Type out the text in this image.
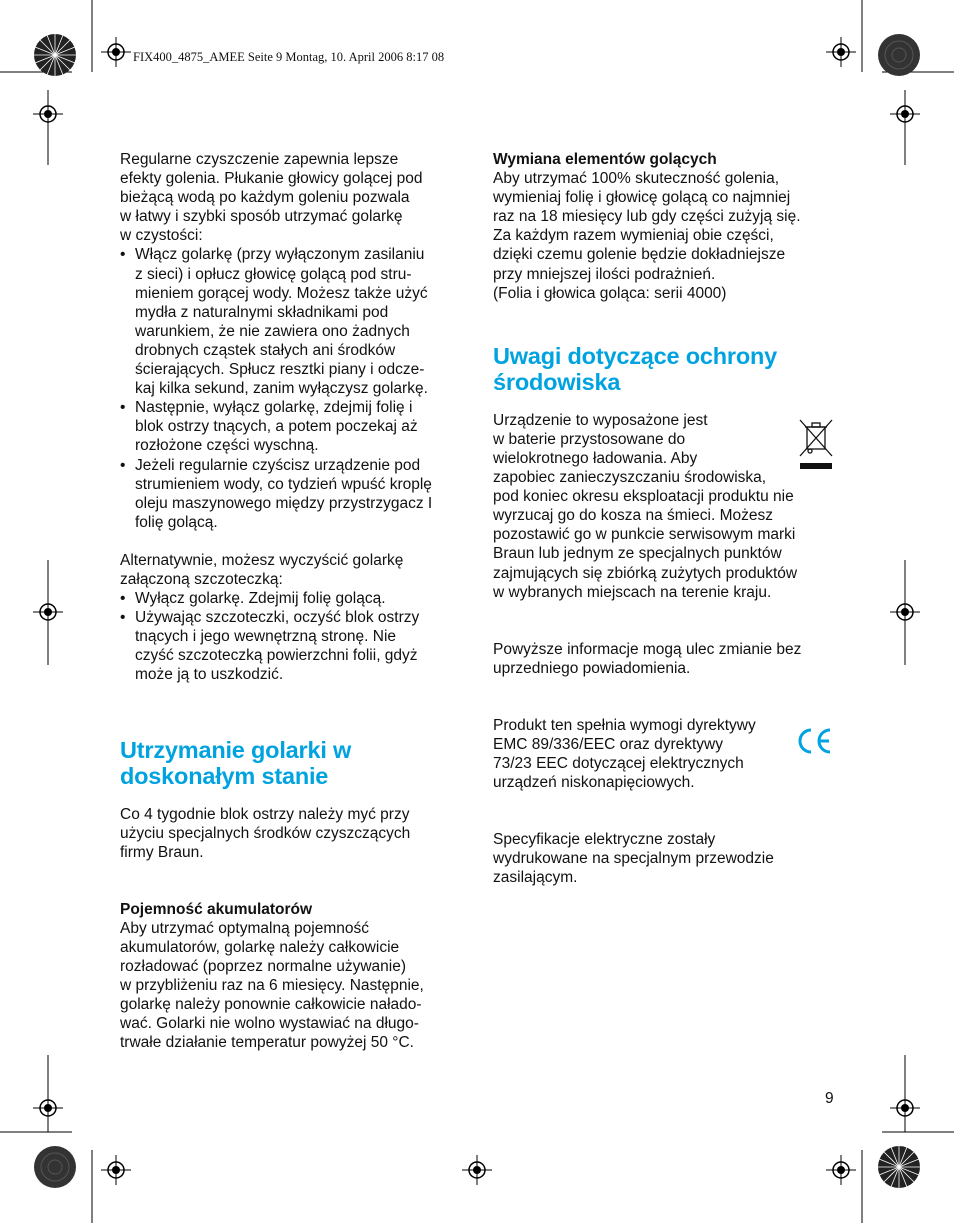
FIX400_4875_AMEE Seite 9 Montag, 10. April 2006 8:17 08

Regularne czyszczenie zapewnia lepsze
efekty golenia. Płukanie głowicy golącej pod
bieżącą wodą po każdym goleniu pozwala
w łatwy i szybki sposób utrzymać golarkę
w czystości:

• Włącz golarkę (przy wyłączonym zasilaniu
z sieci) i opłucz głowicę golącą pod stru-
mieniem gorącej wody. Możesz także użyć
mydła z naturalnymi składnikami pod
warunkiem, że nie zawiera ono żadnych
drobnych cząstek stałych ani środków
ścierających. Spłucz resztki piany i odcze-
kaj kilka sekund, zanim wyłączysz golarkę.
• Następnie, wyłącz golarkę, zdejmij folię i
blok ostrzy tnących, a potem poczekaj aż
rozłożone części wyschną.
• Jeżeli regularnie czyścisz urządzenie pod
strumieniem wody, co tydzień wpuść kroplę
oleju maszynowego między przystrzygacz I
folię golącą.

Alternatywnie, możesz wyczyścić golarkę
załączoną szczoteczką:

• Wyłącz golarkę. Zdejmij folię golącą.
• Używając szczoteczki, oczyść blok ostrzy
tnących i jego wewnętrzną stronę. Nie
czyść szczoteczką powierzchni folii, gdyż
może ją to uszkodzić.
Utrzymanie golarki w
doskonałym stanie

Co 4 tygodnie blok ostrzy należy myć przy
użyciu specjalnych środków czyszczących
firmy Braun.

Pojemność akumulatorów

Aby utrzymać optymalną pojemność
akumulatorów, golarkę należy całkowicie
rozładować (poprzez normalne używanie)
w przybliżeniu raz na 6 miesięcy. Następnie,
golarkę należy ponownie całkowicie nałado-
wać. Golarki nie wolno wystawiać na długo-
trwałe działanie temperatur powyżej 50 °C.

Wymiana elementów golących

Aby utrzymać 100% skuteczność golenia,
wymieniaj folię i głowicę golącą co najmniej
raz na 18 miesięcy lub gdy części zużyją się.
Za każdym razem wymieniaj obie części,
dzięki czemu golenie będzie dokładniejsze
przy mniejszej ilości podrażnień.
(Folia i głowica goląca: serii 4000)

Uwagi dotyczące ochrony
środowiska

Urządzenie to wyposażone jest
w baterie przystosowane do
wielokrotnego ładowania. Aby
zapobiec zanieczyszczaniu środowiska,
pod koniec okresu eksploatacji produktu nie
wyrzucaj go do kosza na śmieci. Możesz
pozostawić go w punkcie serwisowym marki
Braun lub jednym ze specjalnych punktów
zajmujących się zbiórką zużytych produktów
w wybranych miejscach na terenie kraju.

Powyższe informacje mogą ulec zmianie bez
uprzedniego powiadomienia.

Produkt ten spełnia wymogi dyrektywy
EMC 89/336/EEC oraz dyrektywy
73/23 EEC dotyczącej elektrycznych
urządzeń niskonapięciowych.

Specyfikacje elektryczne zostały
wydrukowane na specjalnym przewodzie
zasilającym.

9
